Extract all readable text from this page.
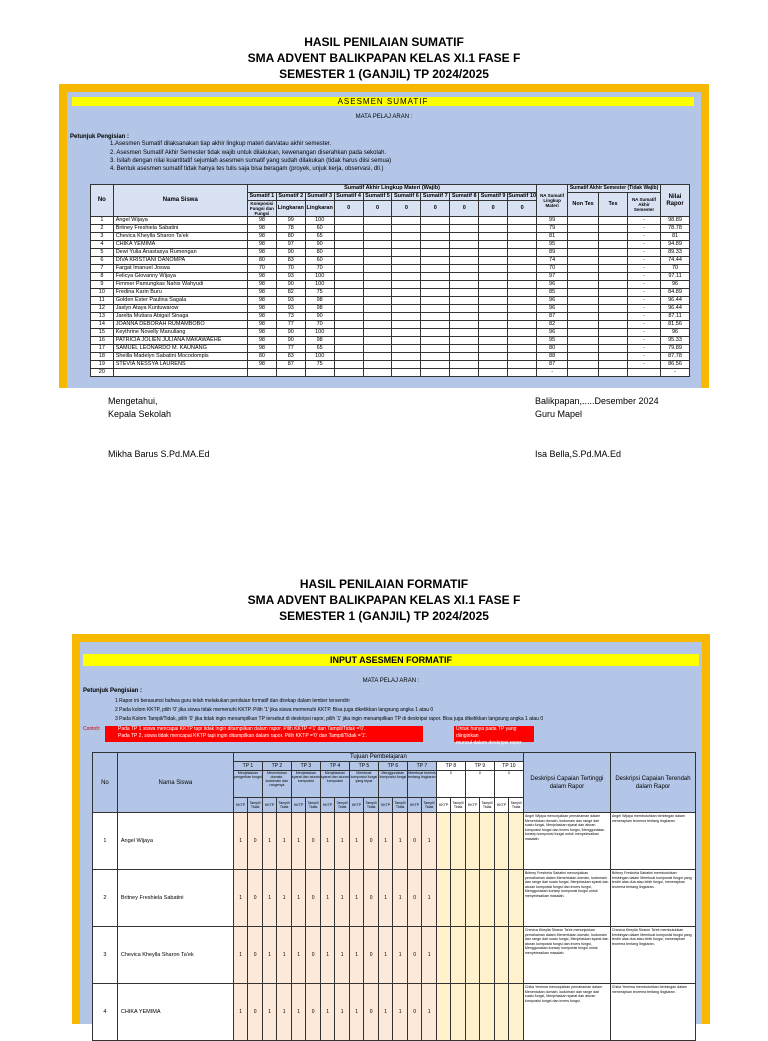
HASIL PENILAIAN SUMATIF
SMA ADVENT BALIKPAPAN KELAS XI.1 FASE F
SEMESTER 1 (GANJIL) TP 2024/2025
ASESMEN SUMATIF
MATA PELAJ ARAN :
Petunjuk Pengisian :
1.Asesmen Sumatif dilaksanakan tiap akhir lingkup materi dan/atau akhir semester.
2. Asesmen Sumatif Akhir Semester tidak wajib untuk dilakukan, kewenangan diserahkan pada sekolah.
3. Isilah dengan nilai kuantitatif sejumlah asesmen sumatif yang sudah dilakukan (tidak harus diisi semua)
4. Bentuk asesmen sumatif tidak hanya tes tulis saja bisa beragam (proyek, unjuk kerja, observasi, dll.)
No	Nama Siswa	Sumatif Akhir Lingkup Materi (Wajib)										NA Sumatif Lingkup Materi	Sumatif Akhir Semester (Tidak Wajib)			Nilai Rapor
		Sumatif 1	Sumatif 2	Sumatif 3	Sumatif 4	Sumatif 5	Sumatif 6	Sumatif 7	Sumatif 8	Sumatif 9	Sumatif 10		Non Tes	Tes	NA Sumatif Akhir Semester	
		Komposisi Fungsi dan Fungsi	Lingkaran	Lingkaran	0	0	0	0	0	0	0					
1	Angel Wijaya	98	99	100								99			-	98.89
2	Britney Freshiela Sabatini	98	78	60								79			-	78.78
3	Chevica Kheylla Sharon Ta'ek	98	80	65								81			-	81
4	CHIKA YEMIMA	98	97	90								95			-	94.89
5	Dewi Yulia Anastasya Rumengan	98	90	80								89			-	89.33
6	DIVA KRISTIANI DANOMPA	80	83	60								74			-	74.44
7	Fargat Imanuel Joswa	70	70	70								70			-	70
8	Felicya Giovanny Wijaya	98	93	100								97			-	97.11
9	Fimmer Pamungkas Nahis Wahyudi	98	90	100								96			-	96
10	Fredina Karin Buru	98	82	75								85			-	84.89
11	Golden Ester Paulina Sagala	98	93	98								96			-	96.44
12	Jaslyn Ataya Kuntuwarow	98	93	98								96			-	96.44
13	Jarelta Mutiara Abigail Sinaga	98	73	90								87			-	87.11
14	JOANNA DEBORAH RUMAMBOBO	98	77	70								82			-	81.56
15	Keythrine Novelly Manuliang	98	90	100								96			-	96
16	PATRICIA JOLIEN JULIANA MAKAWAEHE	98	90	98								95			-	95.33
17	SAMUEL LEONARDO M. KAUNANG	98	77	65								80			-	79.89
18	Sheilla Madelyn Sabatini Mocodompis	80	83	100								88			-	87.78
19	STEVIA NESSYA LAURENS	98	87	75								87			-	86.56
20												-				-
Mengetahui,
Kepala Sekolah
Mikha Barus S.Pd.MA.Ed
Balikpapan,.....Desember 2024
Guru Mapel
Isa Bella,S.Pd.MA.Ed
HASIL PENILAIAN FORMATIF
SMA ADVENT BALIKPAPAN KELAS XI.1 FASE F
SEMESTER 1 (GANJIL) TP 2024/2025
INPUT ASESMEN FORMATIF
MATA PELAJ ARAN :
Petunjuk Pengisian :
1 Rapor ini berasumsi bahwa guru telah melakukan penilaian formatif dan direkap dalam lember tersendiri
2 Pada kolom KKTP, pilih '0' jika siswa tidak memenuhi KKTP. Pilih '1' jika siswa memenuhi KKTP. Bisa juga diketikkan langsung angka 1 atau 0
3 Pada Kolom Tampil/Tidak, pilih '0' jika tidak ingin menampilkan TP tersebut di deskripsi rapor, pilih '1' jika ingin menampilkan TP di deskripsi rapor. Bisa juga diketikkan langsung angka 1 atau 0
Contoh:	Pada TP 1 siswa mencapai KKTP tapi tidak ingin ditampilkan dalam rapor. Pilih KKTP ='1' dan Tampil/Tidak ='0'.
Pada TP 2, siswa tidak mencapai KKTP tapi ingin ditampilkan dalam rapor. Pilih KKTP ='0' dan Tampil/Tidak ='1'.
Untuk hanya pada TP yang diinginkan
muncul dalam deskripsi rapor
No	Nama Siswa	Tujuan Pembelajaran																				Deskripsi Capaian Tertinggi dalam Rapor	Deskripsi Capaian Terendah dalam Rapor
		TP 1		TP 2		TP 3		TP 4		TP 5		TP 6		TP 7		TP 8		TP 9		TP 10			
		Menjelaskan pengertian fungsi		Menentukan domain, kodomain dan rangenya		Menjelaskan syarat dan aturan komposisi		Menjelaskan syarat dan aturan komposisi		Membuat komposisi fungsi yang tepat		Menggunakan komposisi fungsi		Membuat kerenis tentang lingkaran		0		0		0			
		KKTP	Tampil/ Tidak	KKTP	Tampil/ Tidak	KKTP	Tampil/ Tidak	KKTP	Tampil/ Tidak	KKTP	Tampil/ Tidak	KKTP	Tampil/ Tidak	KKTP	Tampil/ Tidak	KKTP	Tampil/ Tidak	KKTP	Tampil/ Tidak	KKTP	Tampil/ Tidak		
1	Angel Wijaya	1	0	1	1	1	0	1	1	1	0	1	1	0	1							Angel Wijaya menunjukkan pemahaman dalam Menentukan domain, kodomain dan range dari suatu fungsi, Menjelaskan syarat dan aturan komposisi fungsi dan invers fungsi, Menggunakan konsep komposisi fungsi untuk menyelesaikan masalah.	Angel Wijaya membutuhkan bimbingan dalam menerapkan teorema tentang lingkaran.
2	Britney Freshiela Sabatini	1	0	1	1	1	0	1	1	1	0	1	1	0	1							Britney Freshiela Sabatini menunjukkan pemahaman dalam Menentukan domain, kodomain dan range dari suatu fungsi, Menjelaskan syarat dan aturan komposisi fungsi dan invers fungsi, Menggunakan konsep komposisi fungsi untuk menyelesaikan masalah.	Britney Freshiela Sabatini membutuhkan bimbingan dalam Membuat komposisi fungsi yang terdiri atas dua atau lebih fungsi, menerapkan teorema tentang lingkaran.
3	Chevica Kheylla Sharon Ta'ek	1	0	1	1	1	0	1	1	1	0	1	1	0	1							Chevica Kheylla Sharon Ta'ek menunjukkan pemahaman dalam Menentukan domain, kodomain dan range dari suatu fungsi, Menjelaskan syarat dan aturan komposisi fungsi dan invers fungsi, Menggunakan konsep komposisi fungsi untuk menyelesaikan masalah.	Chevica Kheylla Sharon Ta'ek membutuhkan bimbingan dalam Membuat komposisi fungsi yang terdiri atas dua atau lebih fungsi, menerapkan teorema tentang lingkaran.
4	CHIKA YEMIMA	1	0	1	1	1	0	1	1	1	0	1	1	0	1							Chika Yemima menunjukkan pemahaman dalam Menentukan domain, kodomain dan range dari suatu fungsi, Menjelaskan syarat dan aturan komposisi fungsi dan invers fungsi.	Chika Yemima membutuhkan bimbingan dalam menerapkan teorema tentang lingkaran.
